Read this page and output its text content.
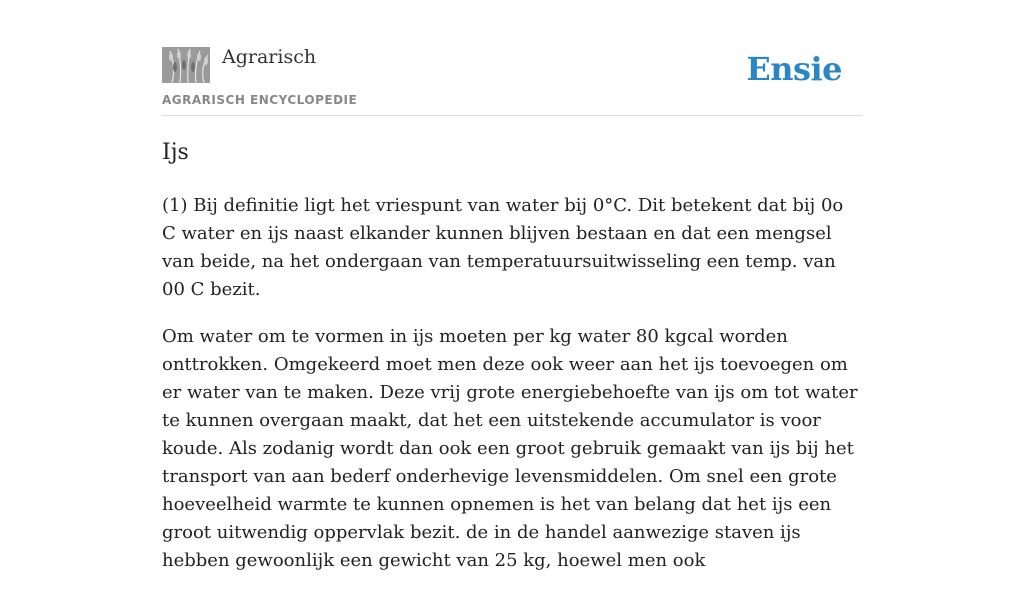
Agrarisch
AGRARISCH ENCYCLOPEDIE
Ensie
Ijs

(1) Bij definitie ligt het vriespunt van water bij 0°C. Dit betekent dat bij 0o C water en ijs naast elkander kunnen blijven bestaan en dat een mengsel van beide, na het ondergaan van temperatuursuitwisseling een temp. van 00 C bezit.

Om water om te vormen in ijs moeten per kg water 80 kgcal worden onttrokken. Omgekeerd moet men deze ook weer aan het ijs toevoegen om er water van te maken. Deze vrij grote energiebehoefte van ijs om tot water te kunnen overgaan maakt, dat het een uitstekende accumulator is voor koude. Als zodanig wordt dan ook een groot gebruik gemaakt van ijs bij het transport van aan bederf onderhevige levensmiddelen. Om snel een grote hoeveelheid warmte te kunnen opnemen is het van belang dat het ijs een groot uitwendig oppervlak bezit. de in de handel aanwezige staven ijs hebben gewoonlijk een gewicht van 25 kg, hoewel men ook
